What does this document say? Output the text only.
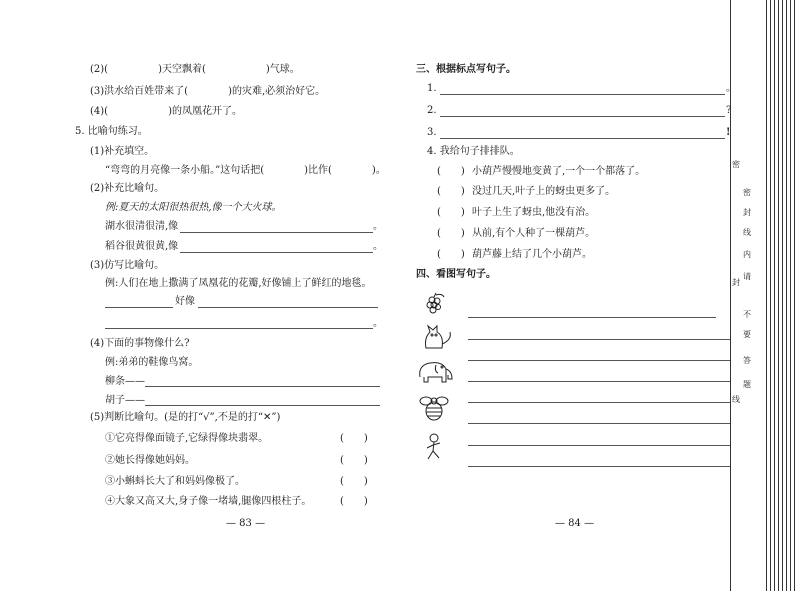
(2)(　　　　　)天空飘着(　　　　　　)气球。
(3)洪水给百姓带来了(　　　　)的灾难,必须治好它。
(4)(　　　　　　)的凤凰花开了。
5. 比喻句练习。
(1)补充填空。
“弯弯的月亮像一条小船。”这句话把(　　　　)比作(　　　　)。
(2)补充比喻句。
例:夏天的太阳很热很热,像一个大火球。
湖水很清很清,像	。
稻谷很黄很黄,像	。
(3)仿写比喻句。
例:人们在地上撒满了凤凰花的花瓣,好像铺上了鲜红的地毯。
好像
。
(4)下面的事物像什么?
例:弟弟的鞋像鸟窝。
柳条——
胡子——
(5)判断比喻句。(是的打“√”,不是的打“✕”)
①它亮得像面镜子,它绿得像块翡翠。	(　　)
②她长得像她妈妈。	(　　)
③小蝌蚪长大了和妈妈像极了。	(　　)
④大象又高又大,身子像一堵墙,腿像四根柱子。	(　　)
— 83 —
三、根据标点写句子。
1.	。
2.	?
3.	!
4. 我给句子排排队。
(　　) 小葫芦慢慢地变黄了,一个一个都落了。
(　　) 没过几天,叶子上的蚜虫更多了。
(　　) 叶子上生了蚜虫,他没有治。
(　　) 从前,有个人种了一棵葫芦。
(　　) 葫芦藤上结了几个小葫芦。
四、看图写句子。
— 84 —
密
封
线
密
封
线
内
请
不
要
答
题
